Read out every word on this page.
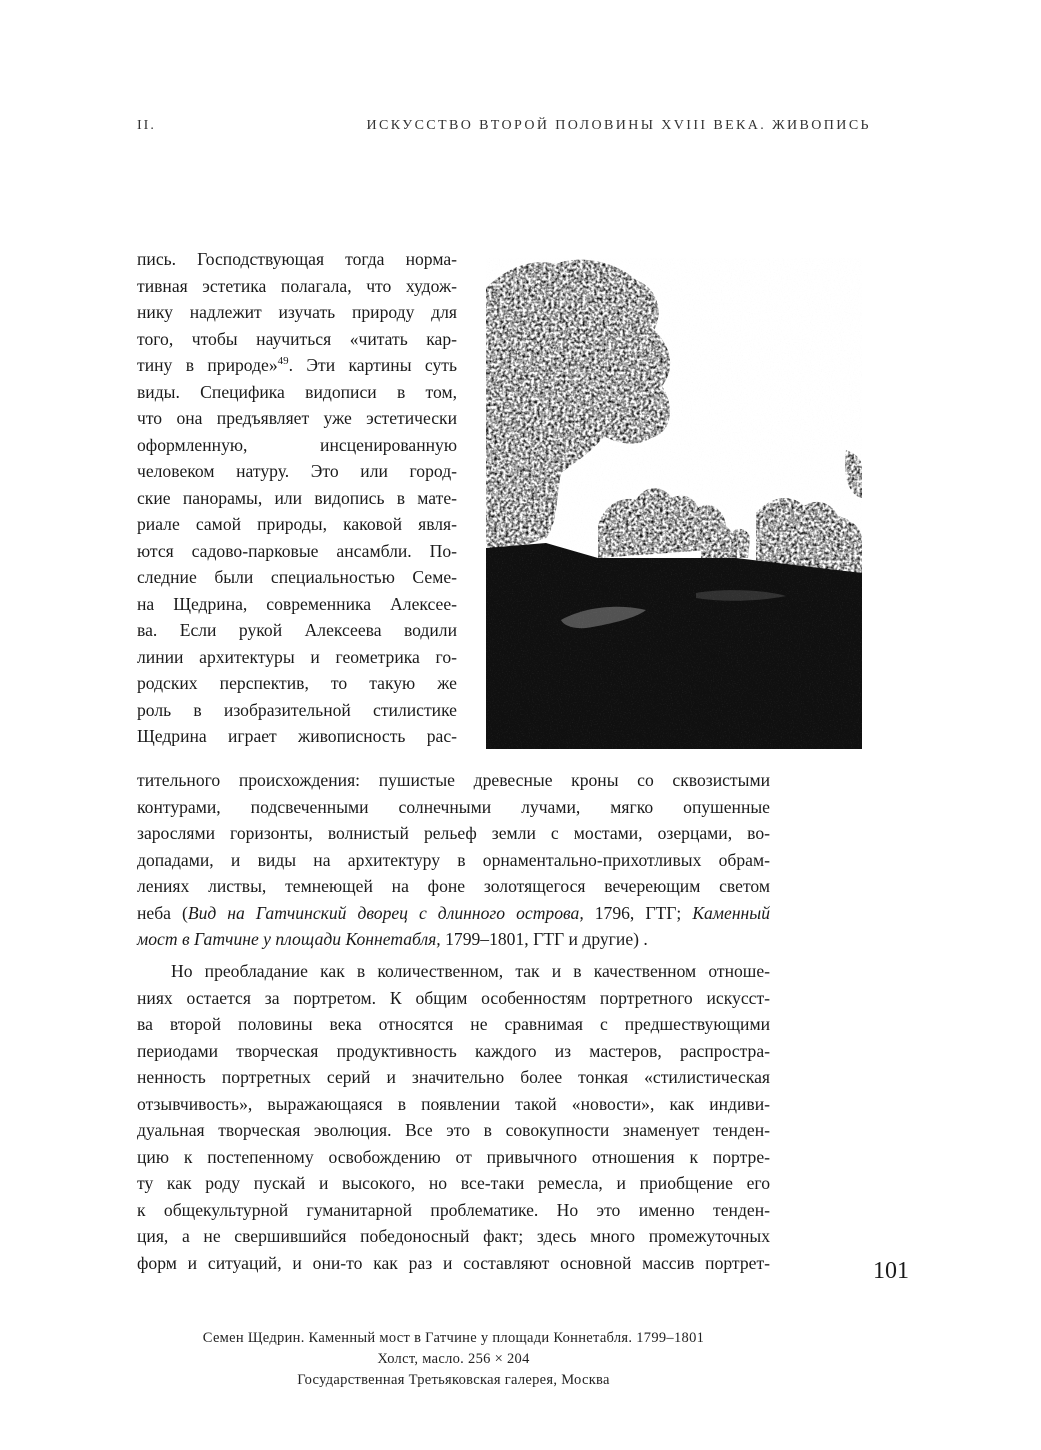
II.	ИСКУССТВО ВТОРОЙ ПОЛОВИНЫ XVIII ВЕКА. ЖИВОПИСЬ
пись. Господствующая тогда норма-
тивная эстетика полагала, что худож-
нику надлежит изучать природу для
того, чтобы научиться «читать кар-
тину в природе»$^{49}$. Эти картины суть
виды. Специфика видописи в том,
что она предъявляет уже эстетически
оформленную, инсценированную
человеком натуру. Это или город-
ские панорамы, или видопись в мате-
риале самой природы, каковой явля-
ются садово-парковые ансамбли. По-
следние были специальностью Семе-
на Щедрина, современника Алексее-
ва. Если рукой Алексеева водили
линии архитектуры и геометрика го-
родских перспектив, то такую же
роль в изобразительной стилистике
Щедрина играет живописность рас-
тительного происхождения: пушистые древесные кроны со сквозистыми
контурами, подсвеченными солнечными лучами, мягко опушенные
зарослями горизонты, волнистый рельеф земли с мостами, озерцами, во-
допадами, и виды на архитектуру в орнаментально-прихотливых обрам-
лениях листвы, темнеющей на фоне золотящегося вечереющим светом
неба (Вид на Гатчинский дворец с длинного острова, 1796, ГТГ; Каменный
мост в Гатчине у площади Коннетабля, 1799–1801, ГТГ и другие) .
Но преобладание как в количественном, так и в качественном отноше-
ниях остается за портретом. К общим особенностям портретного искусст-
ва второй половины века относятся не сравнимая с предшествующими
периодами творческая продуктивность каждого из мастеров, распростра-
ненность портретных серий и значительно более тонкая «стилистическая
отзывчивость», выражающаяся в появлении такой «новости», как индиви-
дуальная творческая эволюция. Все это в совокупности знаменует тенден-
цию к постепенному освобождению от привычного отношения к портре-
ту как роду пускай и высокого, но все-таки ремесла, и приобщение его
к общекультурной гуманитарной проблематике. Но это именно тенден-
ция, а не свершившийся победоносный факт; здесь много промежуточных
форм и ситуаций, и они-то как раз и составляют основной массив портрет-	101
Семен Щедрин. Каменный мост в Гатчине у площади Коннетабля. 1799–1801
Холст, масло. 256 × 204
Государственная Третьяковская галерея, Москва
